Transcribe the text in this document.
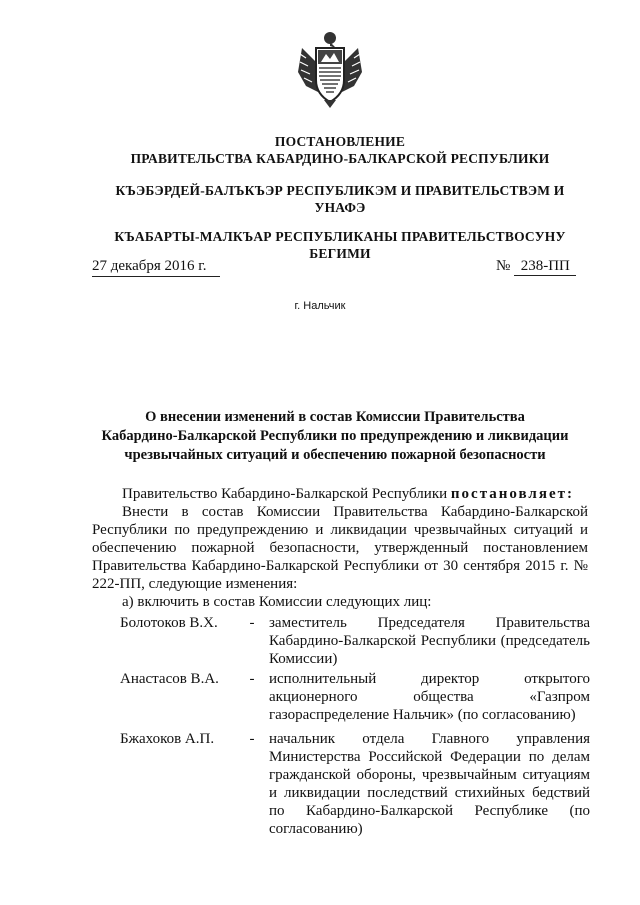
ПОСТАНОВЛЕНИЕ
ПРАВИТЕЛЬСТВА КАБАРДИНО-БАЛКАРСКОЙ РЕСПУБЛИКИ
КЪЭБЭРДЕЙ-БАЛЪКЪЭР РЕСПУБЛИКЭМ И ПРАВИТЕЛЬСТВЭМ И
УНАФЭ
КЪАБАРТЫ-МАЛКЪАР РЕСПУБЛИКАНЫ ПРАВИТЕЛЬСТВОСУНУ
БЕГИМИ
27 декабря 2016 г.	№ 238-ПП
г. Нальчик
О внесении изменений в состав Комиссии Правительства
Кабардино-Балкарской Республики по предупреждению и ликвидации
чрезвычайных ситуаций и обеспечению пожарной безопасности

Правительство Кабардино-Балкарской Республики постановляет:

Внести в состав Комиссии Правительства Кабардино-Балкарской Республики по предупреждению и ликвидации чрезвычайных ситуаций и обеспечению пожарной безопасности, утвержденный постановлением Правительства Кабардино-Балкарской Республики от 30 сентября 2015 г. № 222-ПП, следующие изменения:

а) включить в состав Комиссии следующих лиц:

Болотоков В.Х.	- заместитель Председателя Правительства Кабардино-Балкарской Республики (председатель Комиссии)
Анастасов В.А.	- исполнительный директор открытого акционерного общества «Газпром газораспределение Нальчик» (по согласованию)
Бжахоков А.П.	- начальник отдела Главного управления Министерства Российской Федерации по делам гражданской обороны, чрезвычайным ситуациям и ликвидации последствий стихийных бедствий по Кабардино-Балкарской Республике (по согласованию)
